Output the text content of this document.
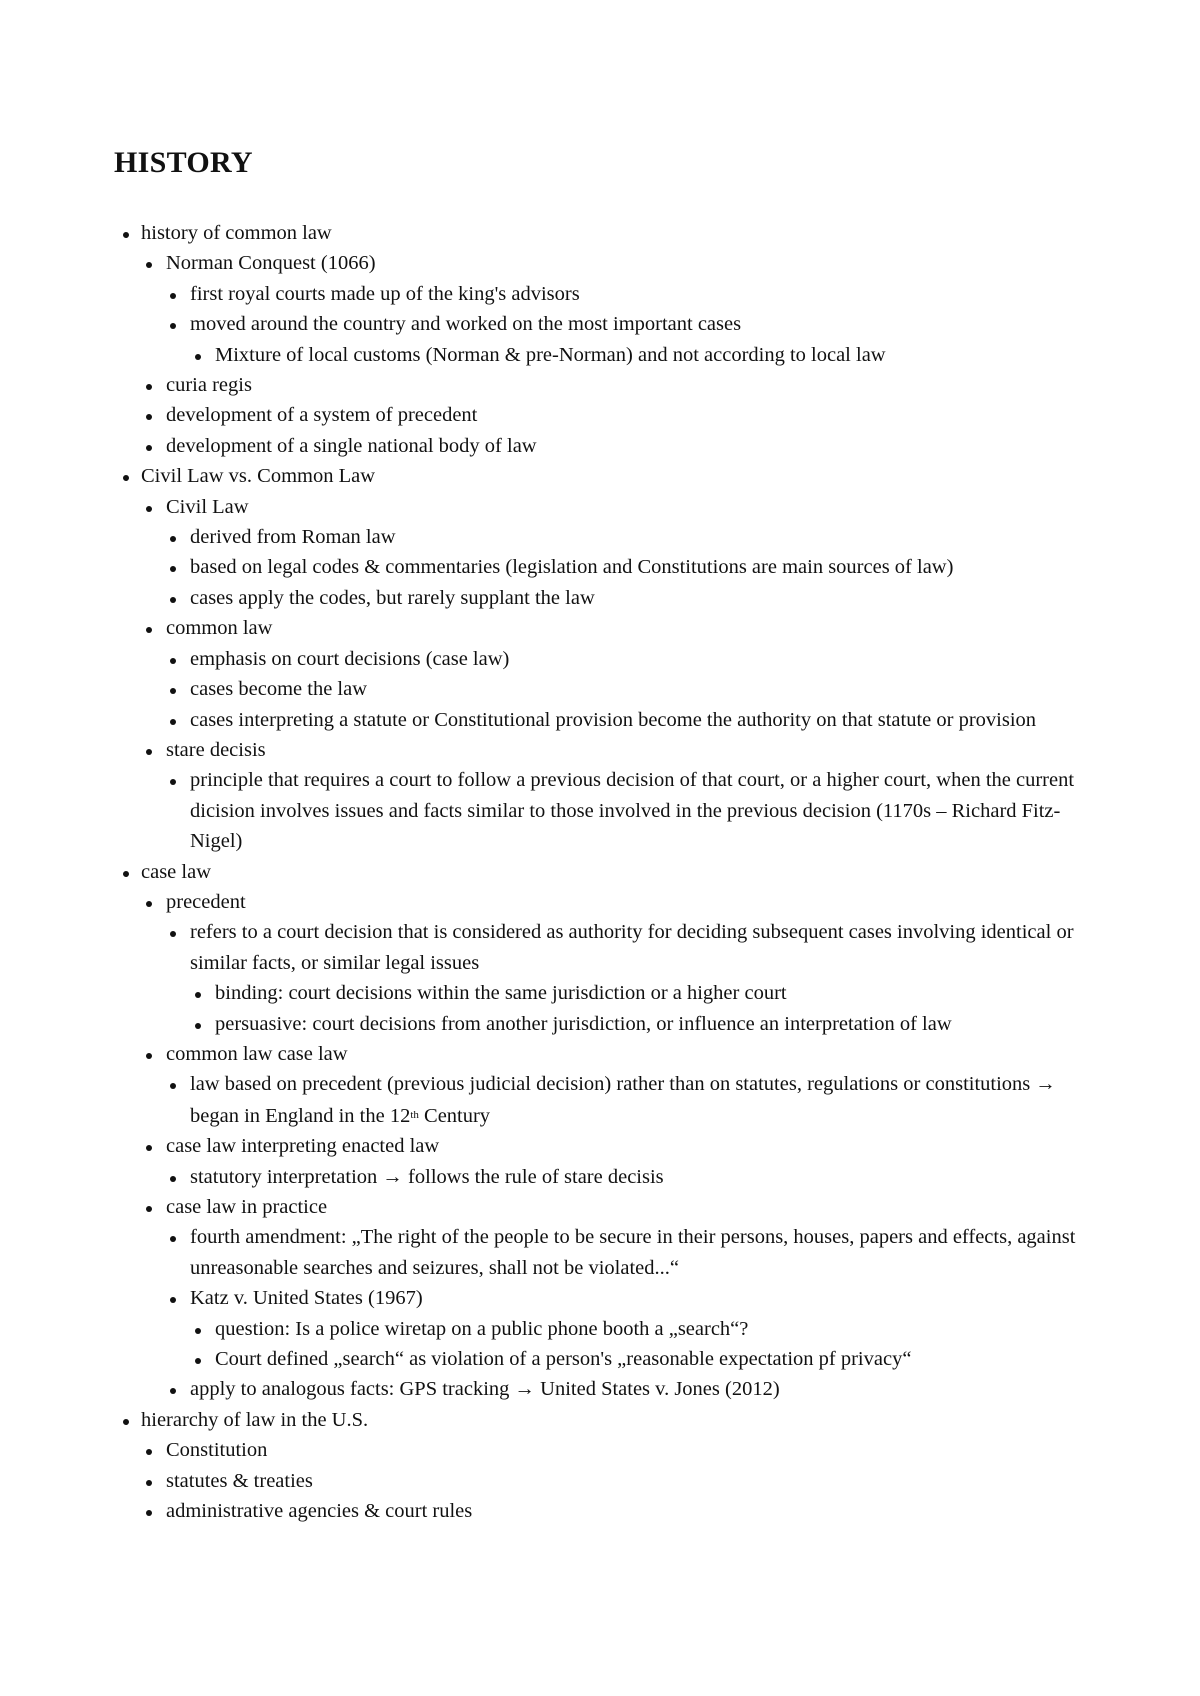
HISTORY
history of common law
Norman Conquest (1066)
first royal courts made up of the king's advisors
moved around the country and worked on the most important cases
Mixture of local customs (Norman & pre-Norman) and not according to local law
curia regis
development of a system of precedent
development of a single national body of law
Civil Law vs. Common Law
Civil Law
derived from Roman law
based on legal codes & commentaries (legislation and Constitutions are main sources of law)
cases apply the codes, but rarely supplant the law
common law
emphasis on court decisions (case law)
cases become the law
cases interpreting a statute or Constitutional provision become the authority on that statute or provision
stare decisis
principle that requires a court to follow a previous decision of that court, or a higher court, when the current dicision involves issues and facts similar to those involved in the previous decision (1170s – Richard Fitz-Nigel)
case law
precedent
refers to a court decision that is considered as authority for deciding subsequent cases involving identical or similar facts, or similar legal issues
binding: court decisions within the same jurisdiction or a higher court
persuasive: court decisions from another jurisdiction, or influence an interpretation of law
common law case law
law based on precedent (previous judicial decision) rather than on statutes, regulations or constitutions → began in England in the 12th Century
case law interpreting enacted law
statutory interpretation → follows the rule of stare decisis
case law in practice
fourth amendment: „The right of the people to be secure in their persons, houses, papers and effects, against unreasonable searches and seizures, shall not be violated...“
Katz v. United States (1967)
question: Is a police wiretap on a public phone booth a „search“?
Court defined „search“ as violation of a person's „reasonable expectation pf privacy“
apply to analogous facts: GPS tracking → United States v. Jones (2012)
hierarchy of law in the U.S.
Constitution
statutes & treaties
administrative agencies & court rules
